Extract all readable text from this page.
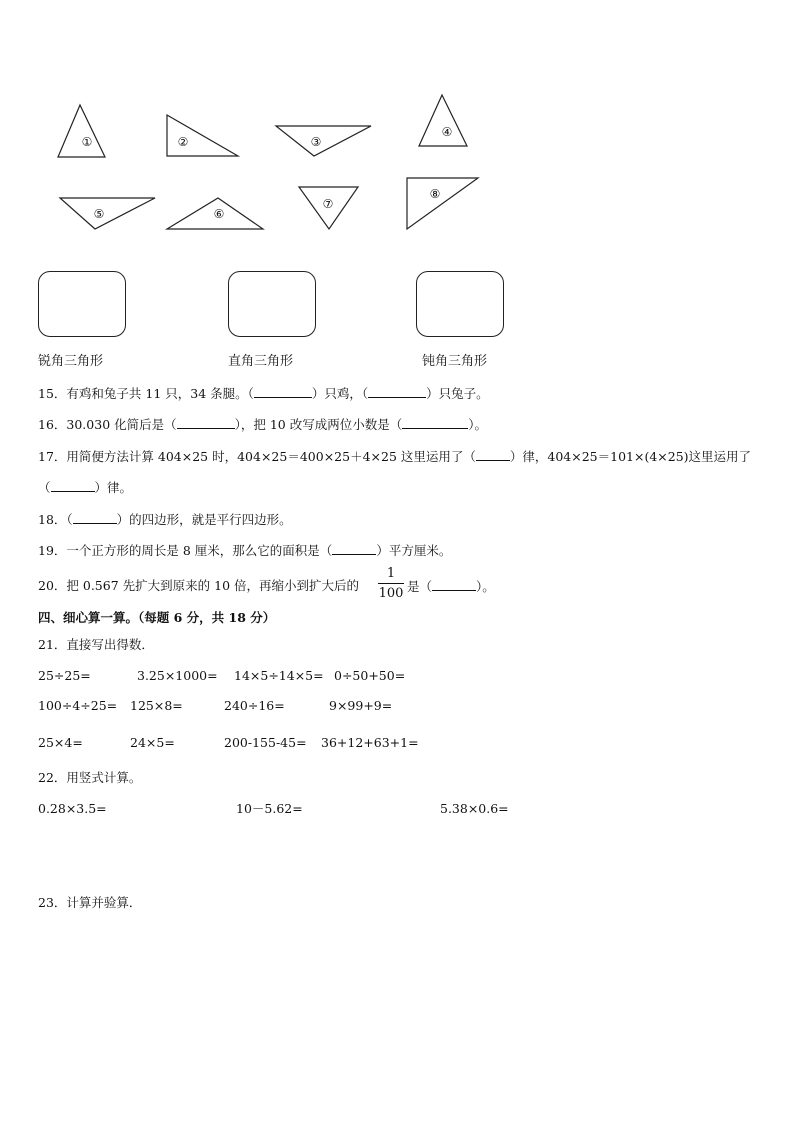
①	②	③
④
⑤	⑥
⑦
⑧
锐角三角形	直角三角形	钝角三角形
15．有鸡和兔子共 11 只，34 条腿。（	）只鸡，（	）只兔子。
16．30.030 化简后是（	），把 10 改写成两位小数是（	）。
17．用简便方法计算 404×25 时，404×25＝400×25＋4×25 这里运用了（	）律，404×25＝101×(4×25)这里运用了
（	）律。
18．（	）的四边形，就是平行四边形。
19．一个正方形的周长是 8 厘米，那么它的面积是（	）平方厘米。
20．把 0.567 先扩大到原来的 10 倍，再缩小到扩大后的
1
100 是（	）。
四、细心算一算。（每题 6 分，共 18 分）
21．直接写出得数．
25÷25=	3.25×1000= 14×5÷14×5= 0÷50+50=
100÷4÷25= 125×8=	240÷16=	9×99+9=
25×4=	24×5=	200-155-45= 36+12+63+1=
22．用竖式计算。
0.28×3.5=	10－5.62=	5.38×0.6=
23．计算并验算．
